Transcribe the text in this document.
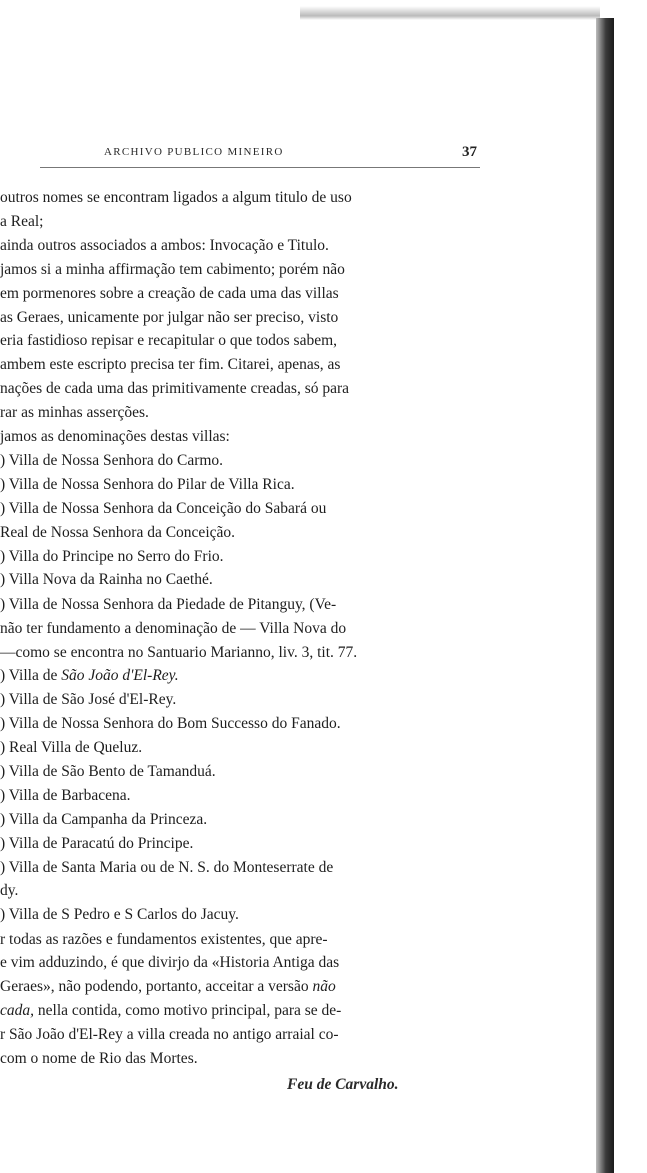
ARCHIVO PUBLICO MINEIRO	37
outros nomes se encontram ligados a algum titulo de uso
a Real;
ainda outros associados a ambos: Invocação e Titulo.
jamos si a minha affirmação tem cabimento; porém não
em pormenores sobre a creação de cada uma das villas
as Geraes, unicamente por julgar não ser preciso, visto
eria fastidioso repisar e recapitular o que todos sabem,
ambem este escripto precisa ter fim. Citarei, apenas, as
nações de cada uma das primitivamente creadas, só para
rar as minhas asserções.
jamos as denominações destas villas:
) Villa de Nossa Senhora do Carmo.
) Villa de Nossa Senhora do Pilar de Villa Rica.
) Villa de Nossa Senhora da Conceição do Sabará ou
Real de Nossa Senhora da Conceição.
) Villa do Principe no Serro do Frio.
) Villa Nova da Rainha no Caethé.
) Villa de Nossa Senhora da Piedade de Pitanguy, (Ve-
não ter fundamento a denominação de — Villa Nova do
—como se encontra no Santuario Marianno, liv. 3, tit. 77.
) Villa de São João d'El-Rey.
) Villa de São José d'El-Rey.
) Villa de Nossa Senhora do Bom Successo do Fanado.
) Real Villa de Queluz.
) Villa de São Bento de Tamanduá.
) Villa de Barbacena.
) Villa da Campanha da Princeza.
) Villa de Paracatú do Principe.
) Villa de Santa Maria ou de N. S. do Monteserrate de
dy.
) Villa de S Pedro e S Carlos do Jacuy.
r todas as razões e fundamentos existentes, que apre-
e vim adduzindo, é que divirjo da «Historia Antiga das
Geraes», não podendo, portanto, acceitar a versão não
cada, nella contida, como motivo principal, para se de-
r São João d'El-Rey a villa creada no antigo arraial co-
com o nome de Rio das Mortes.
Feu de Carvalho.
